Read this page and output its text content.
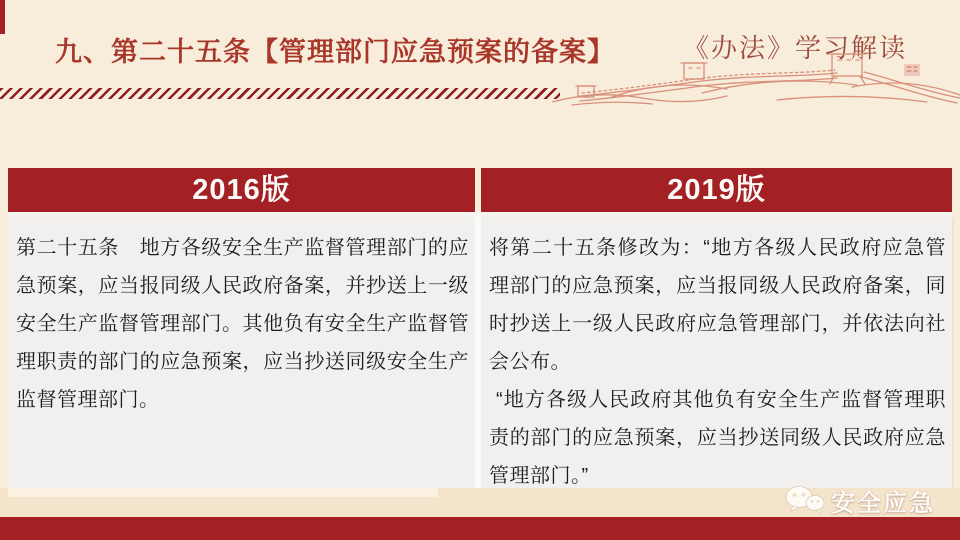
九、第二十五条【管理部门应急预案的备案】	《办法》学习解读
2016版	2019版

第二十五条　地方各级安全生产监督管理部门的应急预案，应当报同级人民政府备案，并抄送上一级安全生产监督管理部门。其他负有安全生产监督管理职责的部门的应急预案，应当抄送同级安全生产监督管理部门。

将第二十五条修改为：“地方各级人民政府应急管理部门的应急预案，应当报同级人民政府备案，同时抄送上一级人民政府应急管理部门，并依法向社会公布。

“地方各级人民政府其他负有安全生产监督管理职责的部门的应急预案，应当抄送同级人民政府应急管理部门。”

安全应急
